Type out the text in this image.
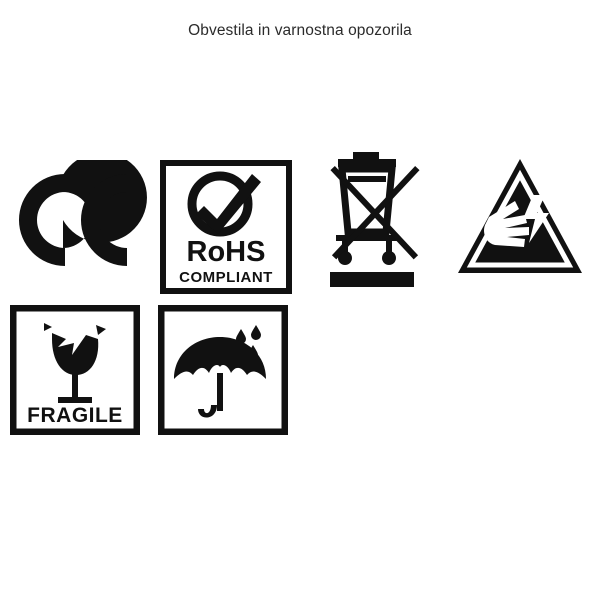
Obvestila in varnostna opozorila
RoHS
COMPLIANT
FRAGILE
